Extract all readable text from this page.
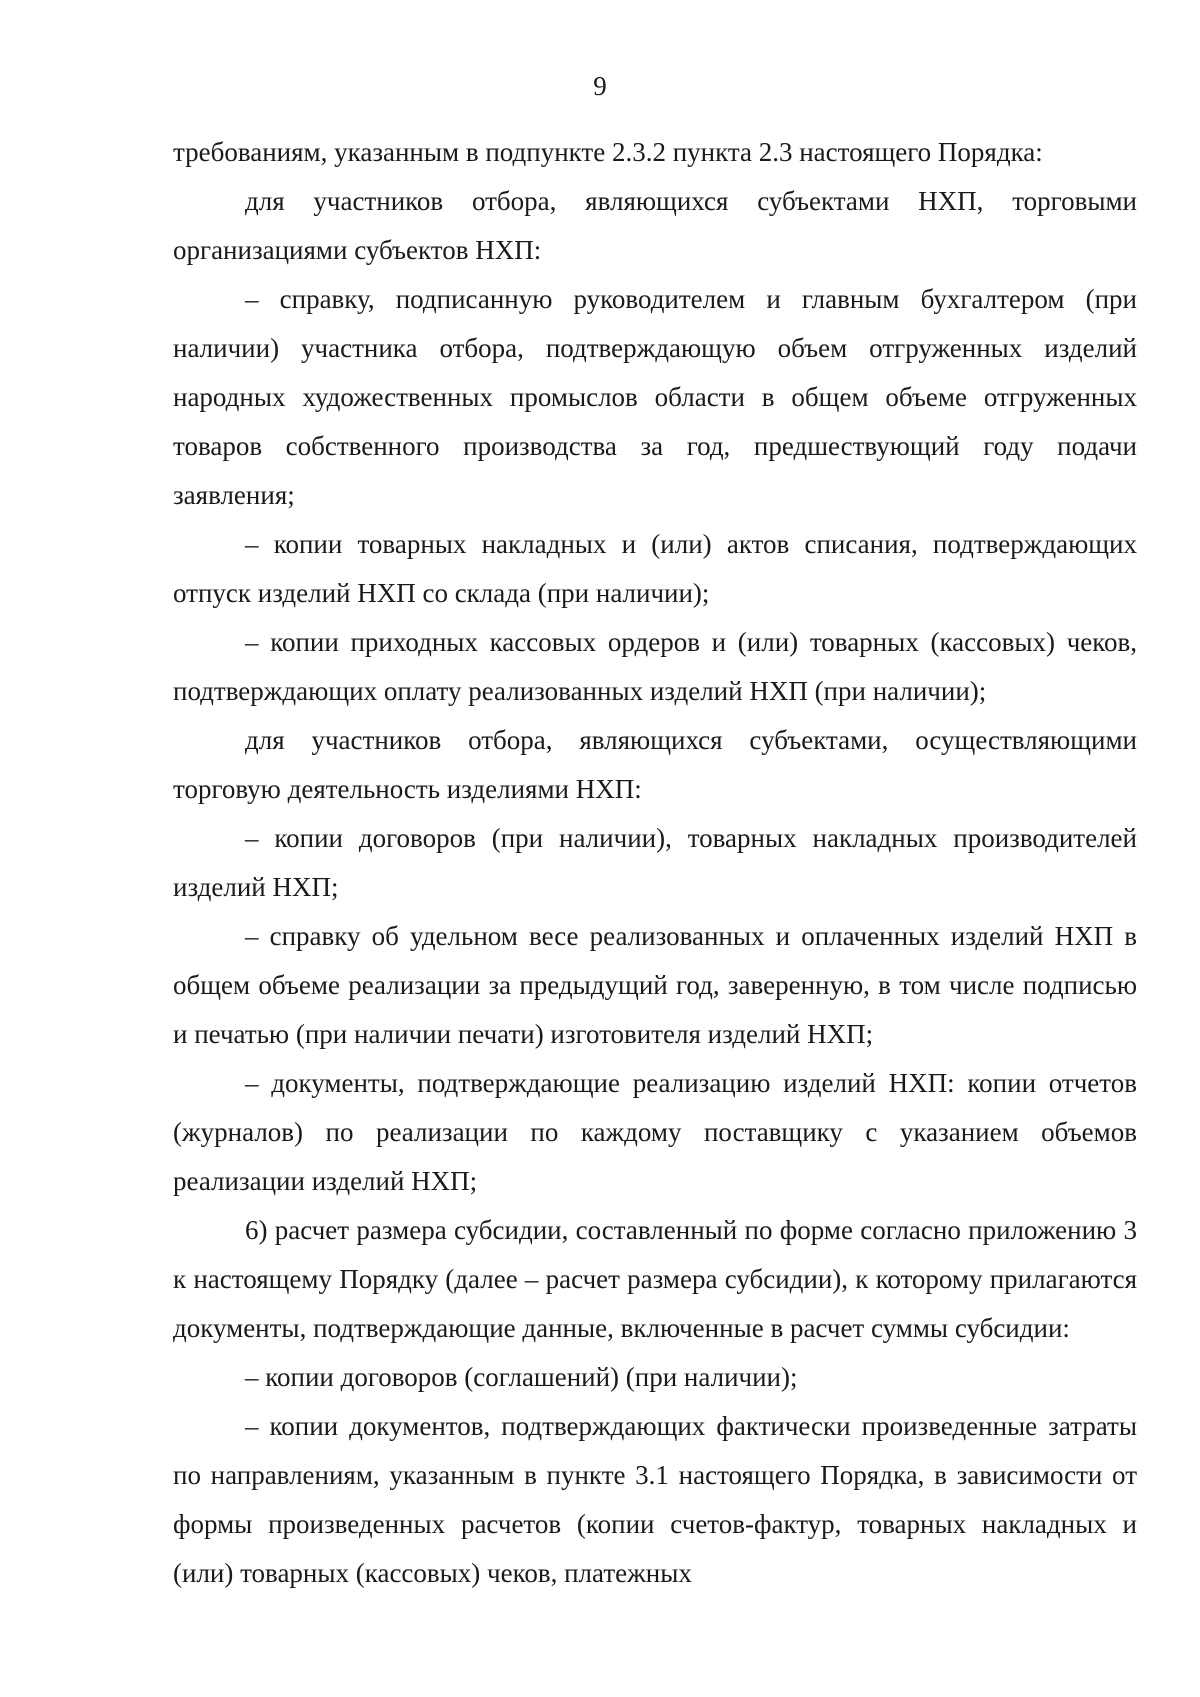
9

требованиям, указанным в подпункте 2.3.2 пункта 2.3 настоящего Порядка:

для участников отбора, являющихся субъектами НХП, торговыми организациями субъектов НХП:

– справку, подписанную руководителем и главным бухгалтером (при наличии) участника отбора, подтверждающую объем отгруженных изделий народных художественных промыслов области в общем объеме отгруженных товаров собственного производства за год, предшествующий году подачи заявления;

– копии товарных накладных и (или) актов списания, подтверждающих отпуск изделий НХП со склада (при наличии);

– копии приходных кассовых ордеров и (или) товарных (кассовых) чеков, подтверждающих оплату реализованных изделий НХП (при наличии);

для участников отбора, являющихся субъектами, осуществляющими торговую деятельность изделиями НХП:

– копии договоров (при наличии), товарных накладных производителей изделий НХП;

– справку об удельном весе реализованных и оплаченных изделий НХП в общем объеме реализации за предыдущий год, заверенную, в том числе подписью и печатью (при наличии печати) изготовителя изделий НХП;

– документы, подтверждающие реализацию изделий НХП: копии отчетов (журналов) по реализации по каждому поставщику с указанием объемов реализации изделий НХП;

6) расчет размера субсидии, составленный по форме согласно приложению 3 к настоящему Порядку (далее – расчет размера субсидии), к которому прилагаются документы, подтверждающие данные, включенные в расчет суммы субсидии:

– копии договоров (соглашений) (при наличии);

– копии документов, подтверждающих фактически произведенные затраты по направлениям, указанным в пункте 3.1 настоящего Порядка, в зависимости от формы произведенных расчетов (копии счетов-фактур, товарных накладных и (или) товарных (кассовых) чеков, платежных
